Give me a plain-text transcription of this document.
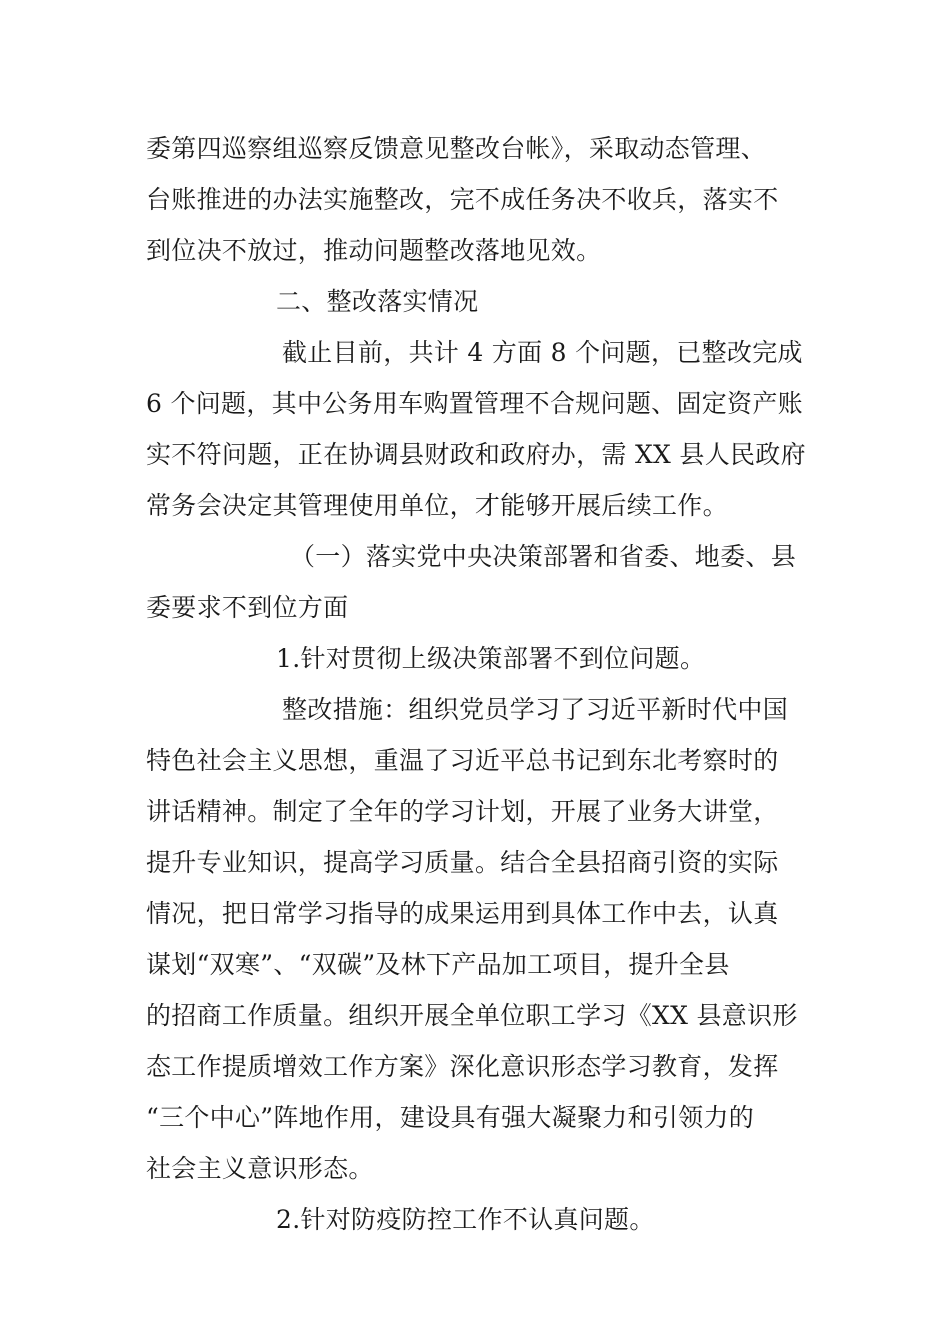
委第四巡察组巡察反馈意见整改台帐》，采取动态管理、
台账推进的办法实施整改，完不成任务决不收兵，落实不
到位决不放过，推动问题整改落地见效。
二、整改落实情况
截止目前，共计 4 方面 8 个问题，已整改完成
6 个问题，其中公务用车购置管理不合规问题、固定资产账
实不符问题，正在协调县财政和政府办，需 XX 县人民政府
常务会决定其管理使用单位，才能够开展后续工作。
（一）落实党中央决策部署和省委、地委、县
委要求不到位方面
1.针对贯彻上级决策部署不到位问题。
整改措施：组织党员学习了习近平新时代中国
特色社会主义思想，重温了习近平总书记到东北考察时的
讲话精神。制定了全年的学习计划，开展了业务大讲堂，
提升专业知识，提高学习质量。结合全县招商引资的实际
情况，把日常学习指导的成果运用到具体工作中去，认真
谋划“双寒”、“双碳”及林下产品加工项目，提升全县
的招商工作质量。组织开展全单位职工学习《XX 县意识形
态工作提质增效工作方案》深化意识形态学习教育，发挥
“三个中心”阵地作用，建设具有强大凝聚力和引领力的
社会主义意识形态。
2.针对防疫防控工作不认真问题。
